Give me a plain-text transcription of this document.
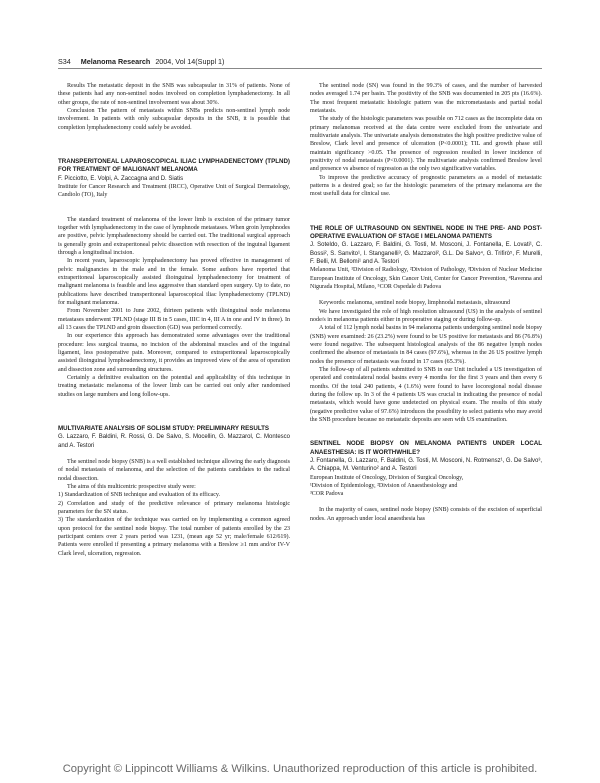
S34 Melanoma Research 2004, Vol 14(Suppl 1)

Results The metastatic deposit in the SNB was subcapsular in 31% of patients. None of these patients had any non-sentinel nodes involved on completion lymphadenectomy. In all other groups, the rate of non-sentinel involvement was about 30%.

Conclusion The pattern of metastasis within SNBs predicts non-sentinel lymph node involvement. In patients with only subcapsular deposits in the SNB, it is possible that completion lymphadenectomy could safely be avoided.

TRANSPERITONEAL LAPAROSCOPICAL ILIAC LYMPHADENECTOMY (TPLND) FOR TREATMENT OF MALIGNANT MELANOMA

F. Picciotto, E. Volpi, A. Zaccagna and D. Siatis

Institute for Cancer Research and Treatment (IRCC), Operative Unit of Surgical Dermatology, Candiolo (TO), Italy

The standard treatment of melanoma of the lower limb is excision of the primary tumor together with lymphadenectomy in the case of lymphnode metastases. When groin lymphnodes are positive, pelvic lymphadenectomy should be carried out. The traditional surgical approach is generally groin and extraperitoneal pelvic dissection with resection of the inguinal ligament through a longitudinal incision.

In recent years, laparoscopic lymphadenectomy has proved effective in management of pelvic malignancies in the male and in the female. Some authors have reported that extraperitoneal laparoscopically assisted ilioinguinal lymphadenectomy for treatment of malignant melanoma is feasible and less aggressive than standard open surgery. Up to date, no publications have described transperitoneal laparoscopical iliac lymphadenectomy (TPLND) for malignant melanoma.

From November 2001 to June 2002, thirteen patients with ilioinguinal node melanoma metastases underwent TPLND (stage III B in 5 cases, IIIC in 4, III A in one and IV in three). In all 13 cases the TPLND and groin dissection (GD) was performed correctly.

In our experience this approach has demonstrated some advantages over the traditional procedure: less surgical trauma, no incision of the abdominal muscles and of the inguinal ligament, less postoperative pain. Moreover, compared to extraperitoneal laparoscopically assisted ilioinguinal lymphoadenectomy, it provides an improved view of the area of operation and dissection zone and surrounding structures.

Certainly a definitive evaluation on the potential and applicability of this technique in treating metastatic melanoma of the lower limb can be carried out only after randomised studies on large numbers and long follow-ups.

MULTIVARIATE ANALYSIS OF SOLISM STUDY: PRELIMINARY RESULTS

G. Lazzaro, F. Baldini, R. Rossi, G. De Salvo, S. Mocellin, G. Mazzarol, C. Montesco and A. Testori

The sentinel node biopsy (SNB) is a well established technique allowing the early diagnosis of nodal metastasis of melanoma, and the selection of the patients candidates to the radical nodal dissection.

The aims of this multicentric prospective study were:

1) Standardization of SNB technique and evaluation of its efficacy.

2) Correlation and study of the predictive relevance of primary melanoma histologic parameters for the SN status.

3) The standardization of the technique was carried on by implementing a common agreed upon protocol for the sentinel node biopsy. The total number of patients enrolled by the 23 participant centers over 2 years period was 1231, (mean age 52 yr; male/female 612/619). Patients were enrolled if presenting a primary melanoma with a Breslow ≥1 mm and/or IV-V Clark level, ulceration, regression.

The sentinel node (SN) was found in the 99.3% of cases, and the number of harvested nodes averaged 1.74 per basin. The positivity of the SNB was documented in 205 pts (16.6%). The most frequent metastatic histologic pattern was the micrometastasis and partial nodal metastasis.

The study of the histologic parameters was possible on 712 cases as the incomplete data on primary melanomas received at the data centre were excluded from the univariate and multivariate analysis. The univariate analysis demonstrates the high positive predictive value of Breslow, Clark level and presence of ulceration (P<0.0001); TIL and growth phase still maintain significancy >0.05. The presence of regression resulted in lower incidence of positivity of nodal metastasis (P<0.0001). The multivariate analysis confirmed Breslow level and presence vs absence of regression as the only two significative variables.

To improve the predictive accuracy of prognostic parameters as a model of metastatic patterns is a desired goal; so far the histologic parameters of the primary melanoma are the most usefull data for clinical use.

THE ROLE OF ULTRASOUND ON SENTINEL NODE IN THE PRE- AND POST-OPERATIVE EVALUATION OF STAGE I MELANOMA PATIENTS

J. Soteldo, G. Lazzaro, F. Baldini, G. Tosti, M. Mosconi, J. Fontanella, E. Lovati¹, C. Bossi², S. Sanvito¹, I. Stanganelli³, G. Mazzarol², G.L. De Salvo⁴, G. Trifirò⁵, F. Murelli, F. Belli, M. Bellomi¹ and A. Testori

Melanoma Unit, ¹Division of Radiology, ²Division of Pathology, ³Division of Nuclear Medicine European Institute of Oncology, Skin Cancer Unit, Center for Cancer Prevention, ⁴Ravenna and Nigurada Hospital, Milano, ⁵COR Ospedale di Padova

Keywords: melanoma, sentinel node biopsy, limphnodal metastasis, ultrasound

We have investigated the role of high resolution ultrasound (US) in the analysis of sentinel node/s in melanoma patients either in preoperative staging or during follow-up.

A total of 112 lymph nodal basins in 94 melanoma patients undergoing sentinel node biopsy (SNB) were examined: 26 (23.2%) were found to be US positive for metastasis and 86 (76.8%) were found negative. The subsequent histological analysis of the 86 negative lymph nodes confirmed the absence of metastasis in 84 cases (97.6%), whereas in the 26 US positive lymph nodes the presence of metastasis was found in 17 cases (65.3%).

The follow-up of all patients submitted to SNB in our Unit included a US investigation of operated and contralateral nodal basins every 4 months for the first 3 years and then every 6 months. Of the total 240 patients, 4 (1.6%) were found to have locoregional nodal disease during the follow up. In 3 of the 4 patients US was crucial in indicating the presence of nodal metastasis, which would have gone undetected on physical exam. The results of this study (negative predictive value of 97.6%) introduces the possibility to select patients who may avoid the SNB procedure because no metastatic deposits are seen with US examination.

SENTINEL NODE BIOPSY ON MELANOMA PATIENTS UNDER LOCAL ANAESTHESIA: IS IT WORTHWHILE?

J. Fontanella, G. Lazzaro, F. Baldini, G. Tosti, M. Mosconi, N. Rotmensz¹, G. De Salvo³, A. Chiappa, M. Venturino² and A. Testori

European Institute of Oncology, Division of Surgical Oncology,

¹Division of Epidemiology, ²Division of Anaesthesiology and

³COR Padova

In the majority of cases, sentinel node biopsy (SNB) consists of the excision of superficial nodes. An approach under local anaesthesia has

Copyright © Lippincott Williams & Wilkins. Unauthorized reproduction of this article is prohibited.
